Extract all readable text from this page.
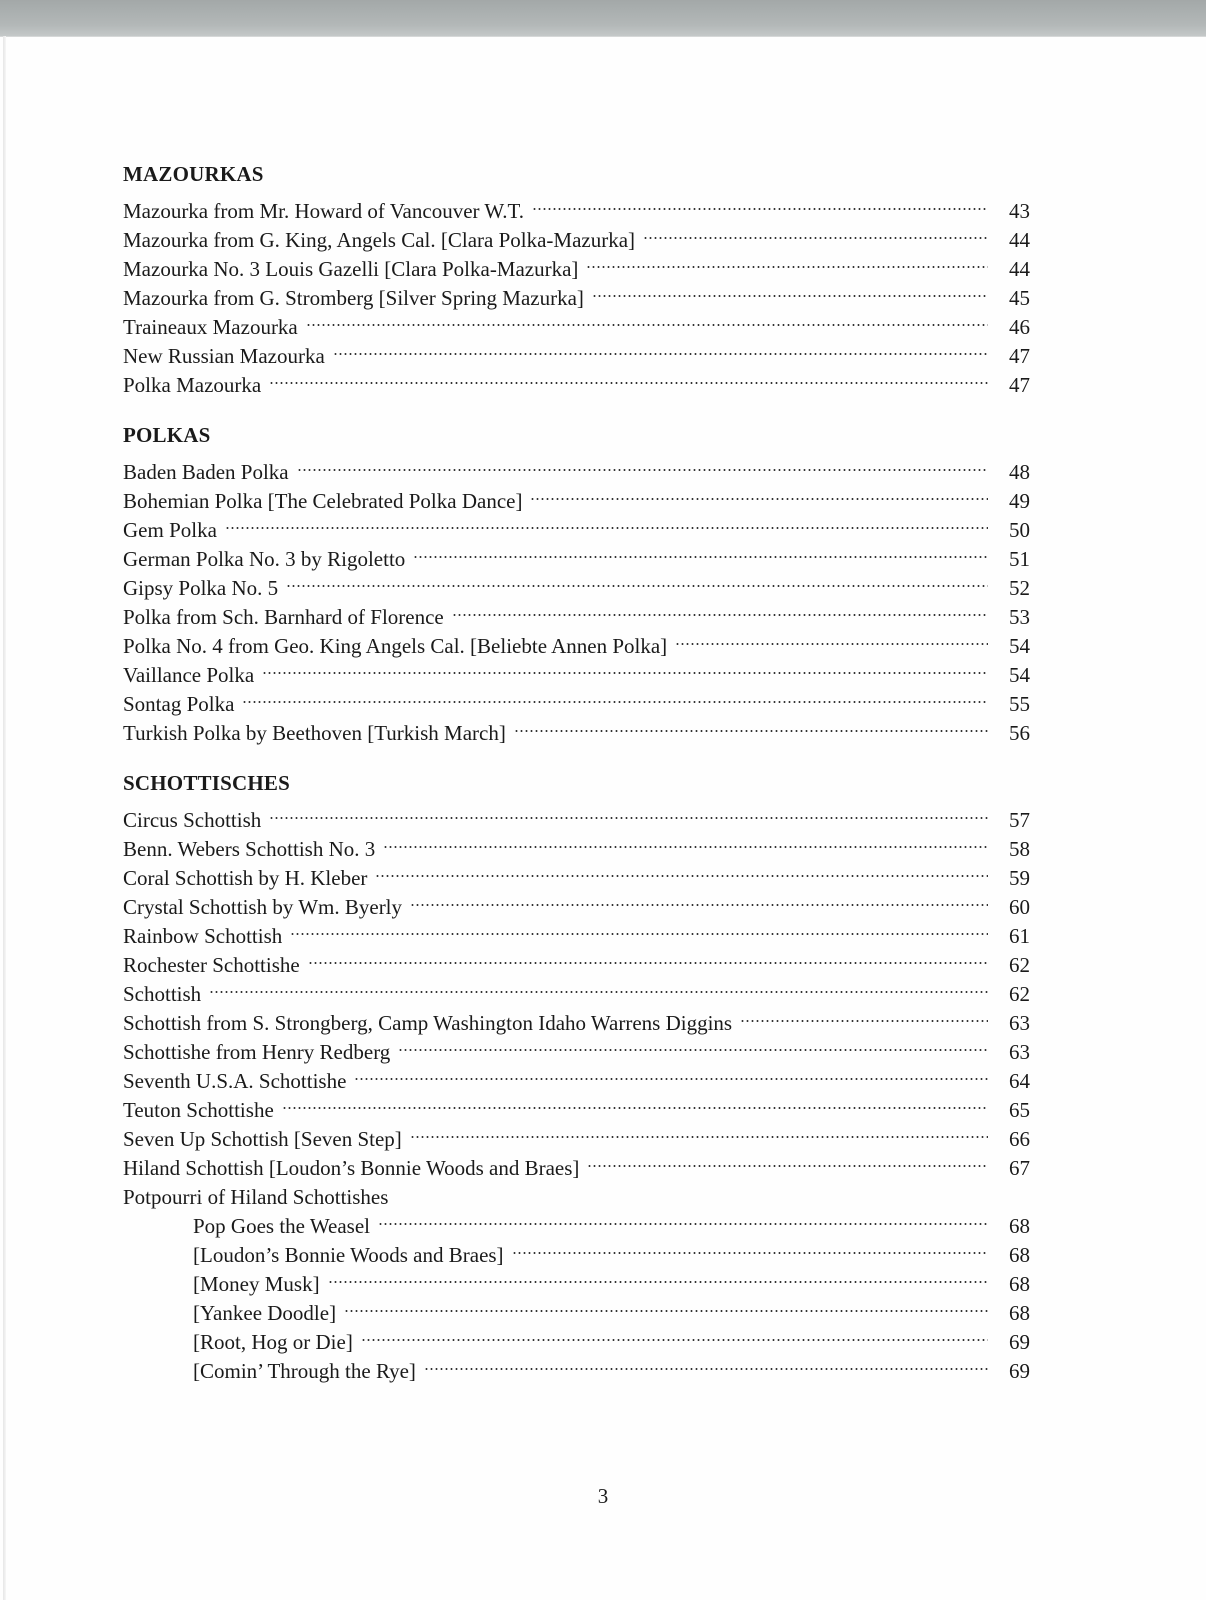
MAZOURKAS
Mazourka from Mr. Howard of Vancouver W.T.	43
Mazourka from G. King, Angels Cal. [Clara Polka-Mazurka]	44
Mazourka No. 3 Louis Gazelli [Clara Polka-Mazurka]	44
Mazourka from G. Stromberg [Silver Spring Mazurka]	45
Traineaux Mazourka	46
New Russian Mazourka	47
Polka Mazourka	47
POLKAS
Baden Baden Polka	48
Bohemian Polka [The Celebrated Polka Dance]	49
Gem Polka	50
German Polka No. 3 by Rigoletto	51
Gipsy Polka No. 5	52
Polka from Sch. Barnhard of Florence	53
Polka No. 4 from Geo. King Angels Cal. [Beliebte Annen Polka]	54
Vaillance Polka	54
Sontag Polka	55
Turkish Polka by Beethoven [Turkish March]	56
SCHOTTISCHES
Circus Schottish	57
Benn. Webers Schottish No. 3	58
Coral Schottish by H. Kleber	59
Crystal Schottish by Wm. Byerly	60
Rainbow Schottish	61
Rochester Schottishe	62
Schottish	62
Schottish from S. Strongberg, Camp Washington Idaho Warrens Diggins	63
Schottishe from Henry Redberg	63
Seventh U.S.A. Schottishe	64
Teuton Schottishe	65
Seven Up Schottish [Seven Step]	66
Hiland Schottish [Loudon’s Bonnie Woods and Braes]	67
Potpourri of Hiland Schottishes
Pop Goes the Weasel	68
[Loudon’s Bonnie Woods and Braes]	68
[Money Musk]	68
[Yankee Doodle]	68
[Root, Hog or Die]	69
[Comin’ Through the Rye]	69
3
